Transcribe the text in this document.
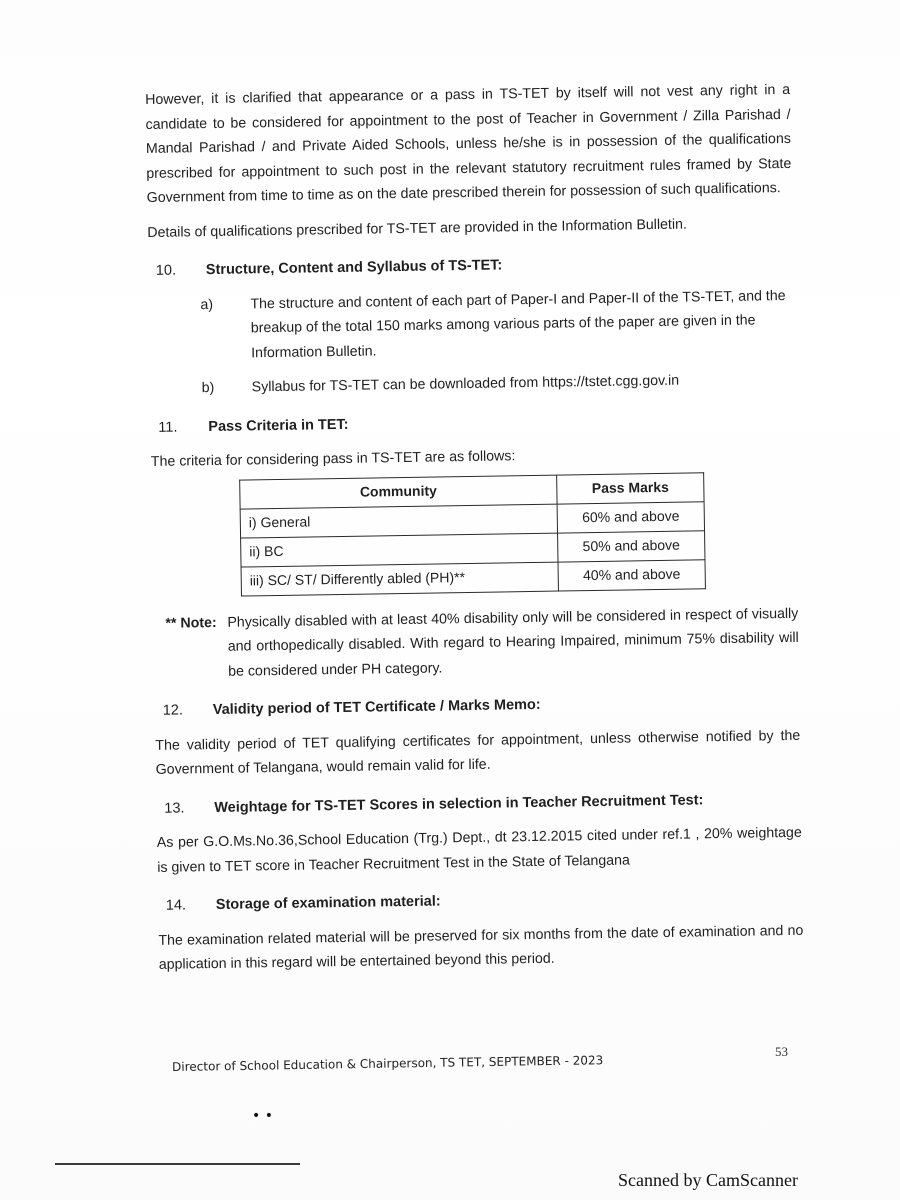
However, it is clarified that appearance or a pass in TS-TET by itself will not vest any right in a candidate to be considered for appointment to the post of Teacher in Government / Zilla Parishad / Mandal Parishad / and Private Aided Schools, unless he/she is in possession of the qualifications prescribed for appointment to such post in the relevant statutory recruitment rules framed by State Government from time to time as on the date prescribed therein for possession of such qualifications.

Details of qualifications prescribed for TS-TET are provided in the Information Bulletin.

10.	Structure, Content and Syllabus of TS-TET:
a)	The structure and content of each part of Paper-I and Paper-II of the TS-TET, and the breakup of the total 150 marks among various parts of the paper are given in the Information Bulletin.
b)	Syllabus for TS-TET can be downloaded from https://tstet.cgg.gov.in
11.	Pass Criteria in TET:

The criteria for considering pass in TS-TET are as follows:

Community	Pass Marks
i) General	60% and above
ii) BC	50% and above
iii) SC/ ST/ Differently abled (PH)**	40% and above
** Note: Physically disabled with at least 40% disability only will be considered in respect of visually and orthopedically disabled. With regard to Hearing Impaired, minimum 75% disability will be considered under PH category.
12.	Validity period of TET Certificate / Marks Memo:

The validity period of TET qualifying certificates for appointment, unless otherwise notified by the Government of Telangana, would remain valid for life.

13.	Weightage for TS-TET Scores in selection in Teacher Recruitment Test:

As per G.O.Ms.No.36,School Education (Trg.) Dept., dt 23.12.2015 cited under ref.1 , 20% weightage is given to TET score in Teacher Recruitment Test in the State of Telangana

14.	Storage of examination material:

The examination related material will be preserved for six months from the date of examination and no application in this regard will be entertained beyond this period.

53
Director of School Education & Chairperson, TS TET, SEPTEMBER - 2023
• •
Scanned by CamScanner
